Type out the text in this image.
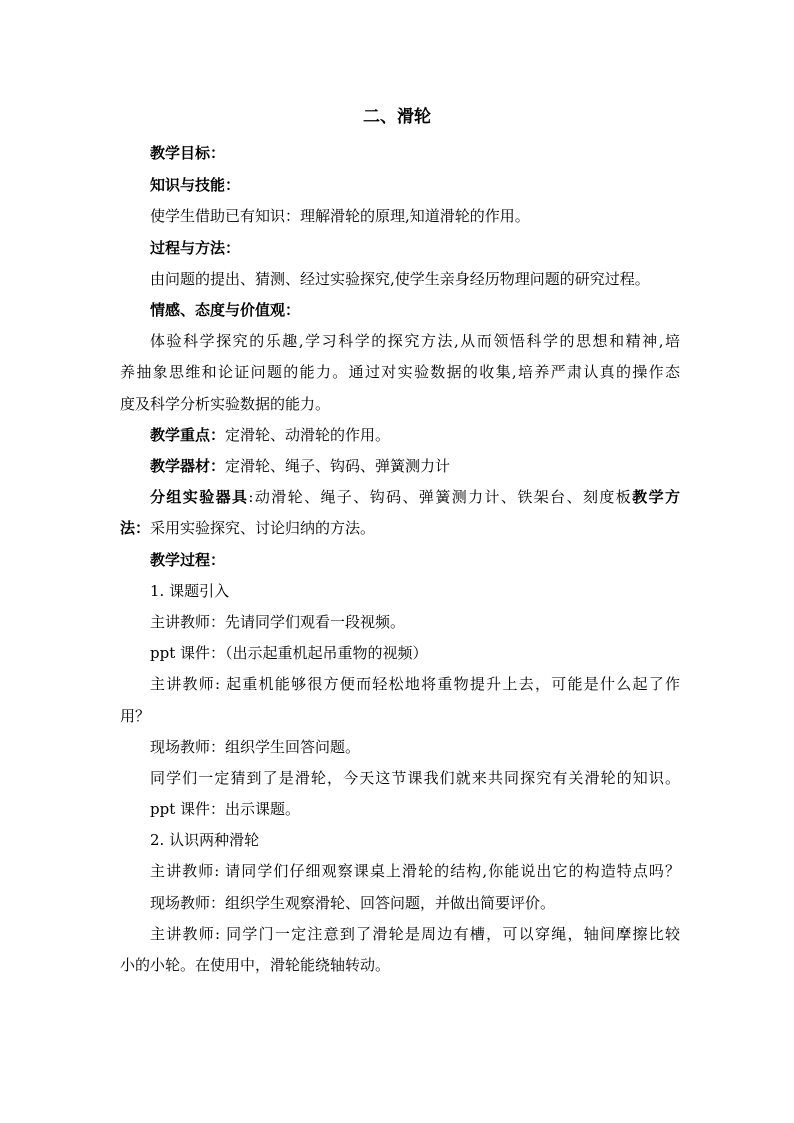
二、滑轮
教学目标：
知识与技能：
使学生借助已有知识：理解滑轮的原理,知道滑轮的作用。
过程与方法：
由问题的提出、猜测、经过实验探究,使学生亲身经历物理问题的研究过程。
情感、态度与价值观：
体验科学探究的乐趣,学习科学的探究方法,从而领悟科学的思想和精神,培
养抽象思维和论证问题的能力。通过对实验数据的收集,培养严肃认真的操作态
度及科学分析实验数据的能力。
教学重点：定滑轮、动滑轮的作用。
教学器材：定滑轮、绳子、钩码、弹簧测力计
分组实验器具:动滑轮、绳子、钩码、弹簧测力计、铁架台、刻度板教学方
法：采用实验探究、讨论归纳的方法。
教学过程：
1. 课题引入
主讲教师：先请同学们观看一段视频。
ppt 课件：（出示起重机起吊重物的视频）
主讲教师: 起重机能够很方便而轻松地将重物提升上去，可能是什么起了作
用？
现场教师：组织学生回答问题。
同学们一定猜到了是滑轮，今天这节课我们就来共同探究有关滑轮的知识。
ppt 课件：出示课题。
2. 认识两种滑轮
主讲教师: 请同学们仔细观察课桌上滑轮的结构,你能说出它的构造特点吗？
现场教师：组织学生观察滑轮、回答问题，并做出简要评价。
主讲教师: 同学门一定注意到了滑轮是周边有槽，可以穿绳，轴间摩擦比较
小的小轮。在使用中，滑轮能绕轴转动。
